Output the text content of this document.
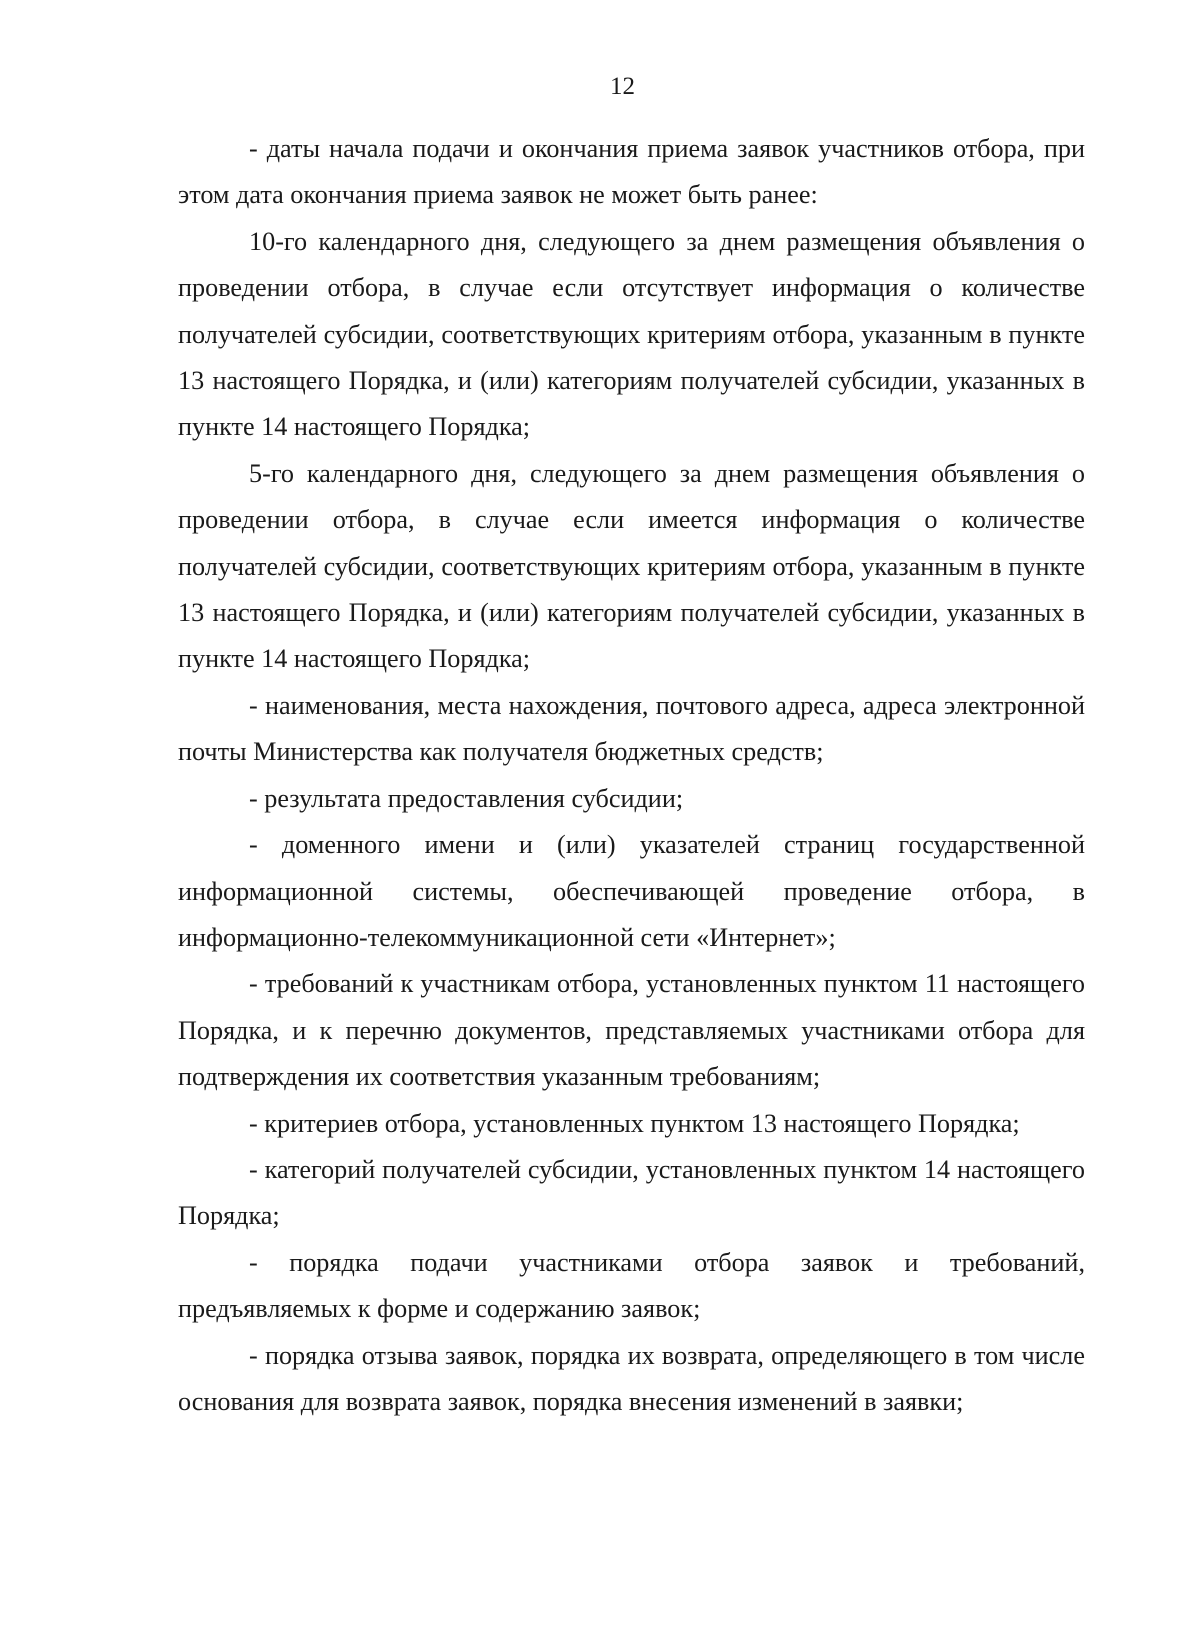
12

- даты начала подачи и окончания приема заявок участников отбора, при этом дата окончания приема заявок не может быть ранее:

10-го календарного дня, следующего за днем размещения объявления о проведении отбора, в случае если отсутствует информация о количестве получателей субсидии, соответствующих критериям отбора, указанным в пункте 13 настоящего Порядка, и (или) категориям получателей субсидии, указанных в пункте 14 настоящего Порядка;

5-го календарного дня, следующего за днем размещения объявления о проведении отбора, в случае если имеется информация о количестве получателей субсидии, соответствующих критериям отбора, указанным в пункте 13 настоящего Порядка, и (или) категориям получателей субсидии, указанных в пункте 14 настоящего Порядка;

- наименования, места нахождения, почтового адреса, адреса электронной почты Министерства как получателя бюджетных средств;

- результата предоставления субсидии;

- доменного имени и (или) указателей страниц государственной информационной системы, обеспечивающей проведение отбора, в информационно-телекоммуникационной сети «Интернет»;

- требований к участникам отбора, установленных пунктом 11 настоящего Порядка, и к перечню документов, представляемых участниками отбора для подтверждения их соответствия указанным требованиям;

- критериев отбора, установленных пунктом 13 настоящего Порядка;

- категорий получателей субсидии, установленных пунктом 14 настоящего Порядка;

- порядка подачи участниками отбора заявок и требований, предъявляемых к форме и содержанию заявок;

- порядка отзыва заявок, порядка их возврата, определяющего в том числе основания для возврата заявок, порядка внесения изменений в заявки;
